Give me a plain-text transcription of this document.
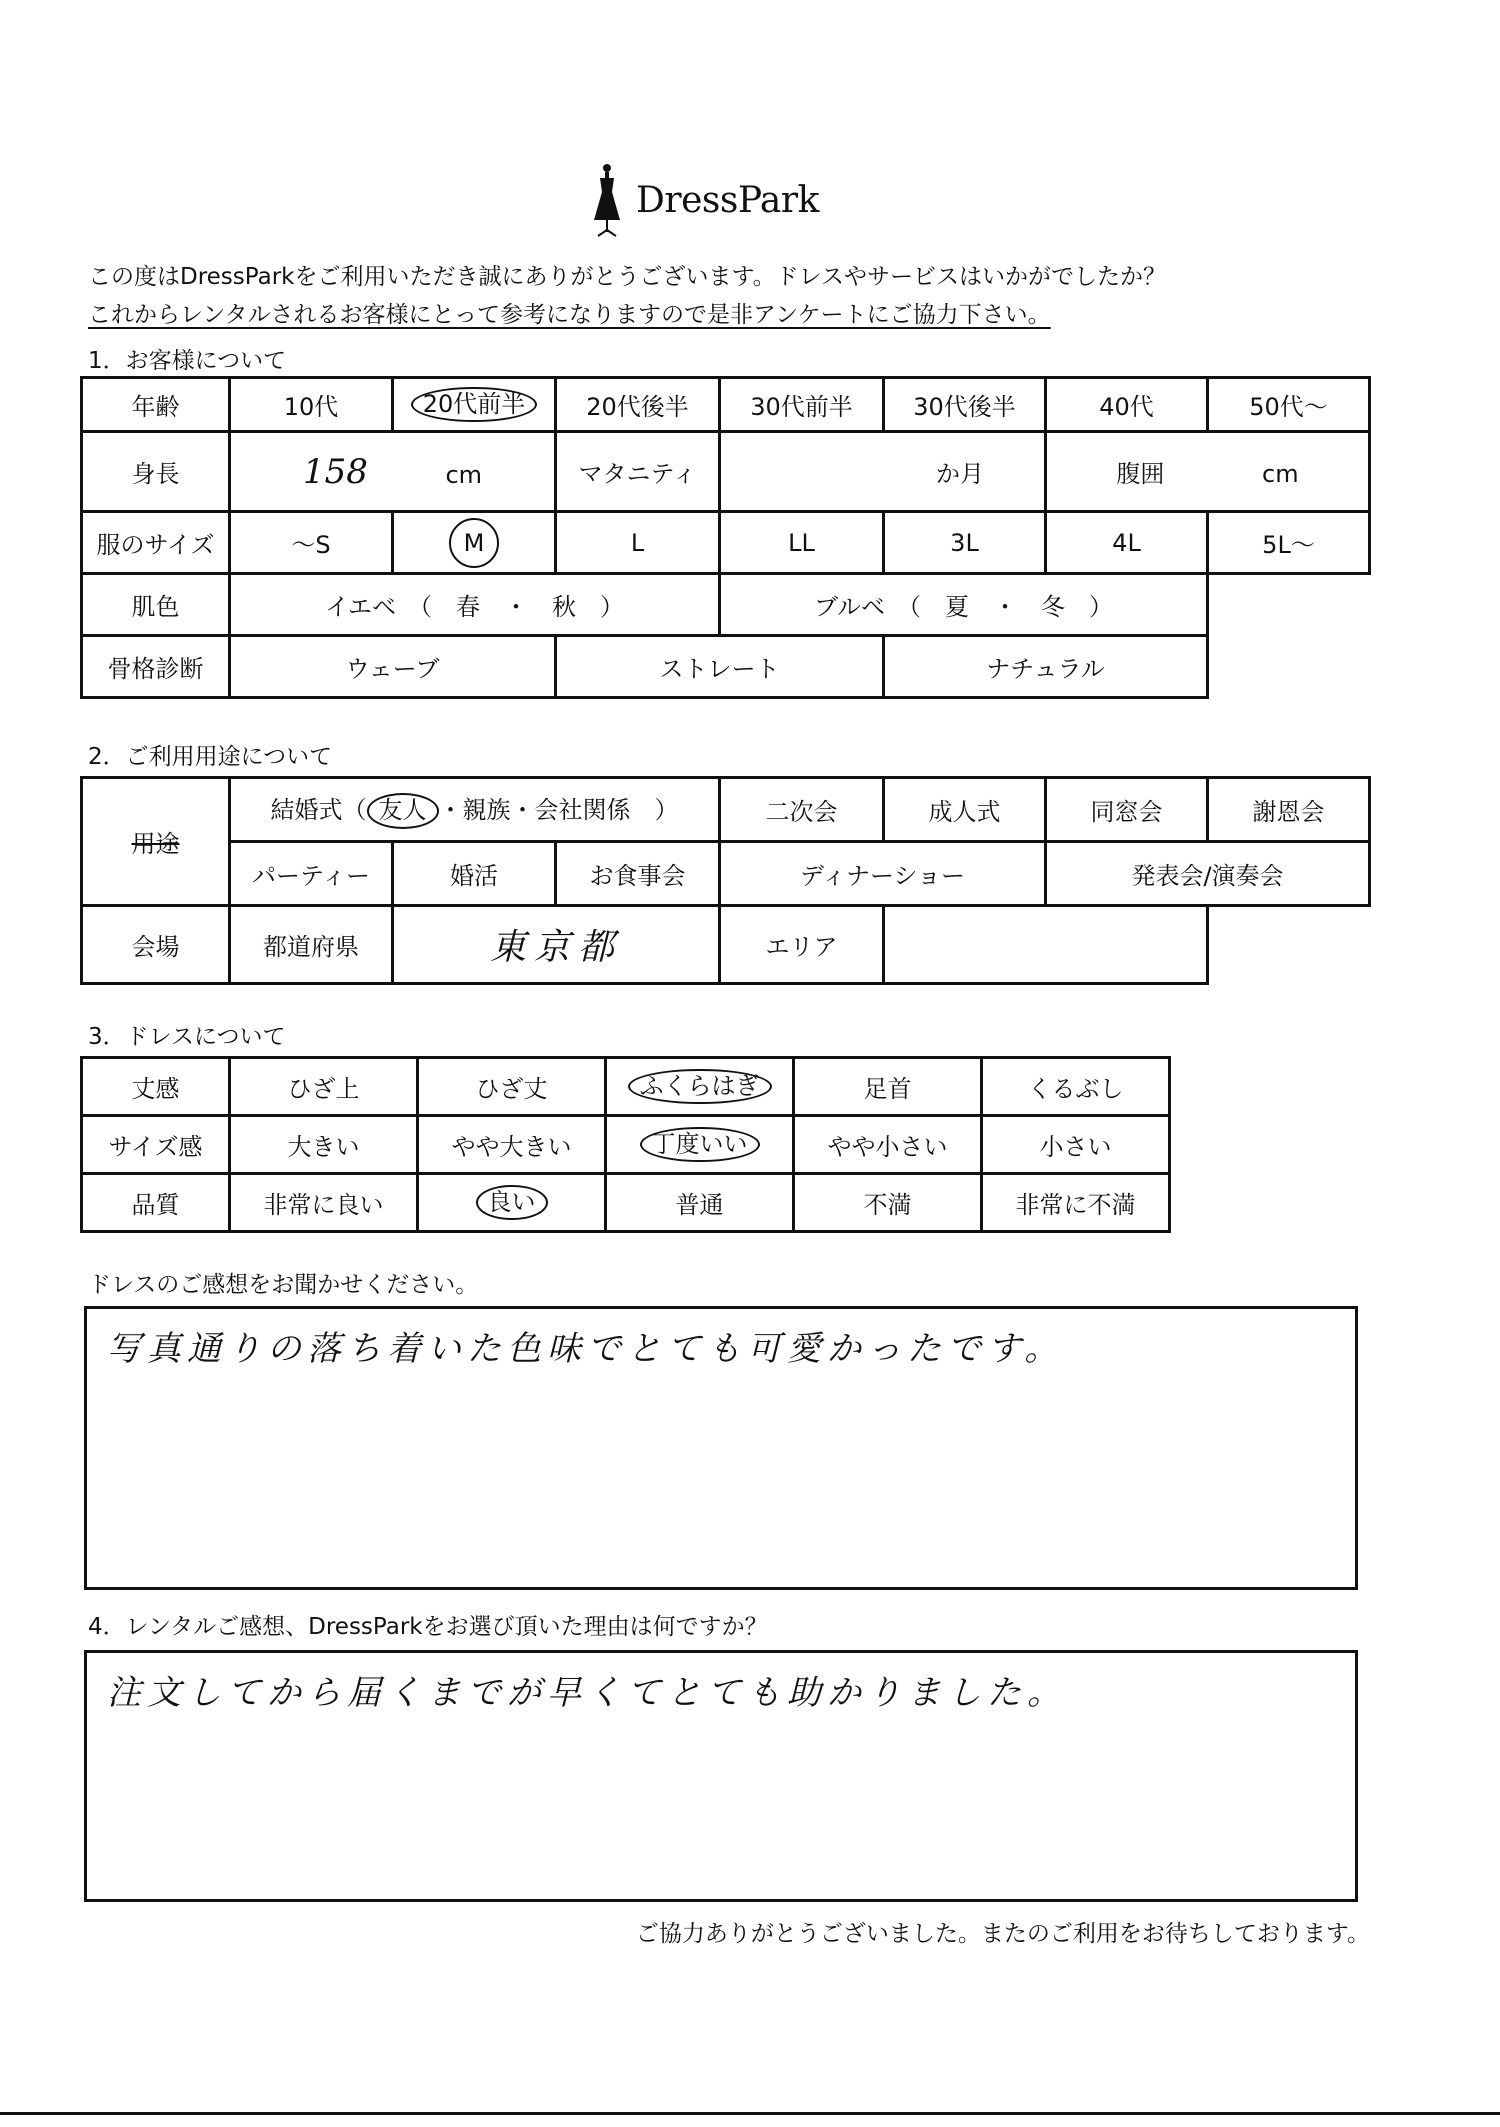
DressPark
この度はDressParkをご利用いただき誠にありがとうございます。ドレスやサービスはいかがでしたか？
これからレンタルされるお客様にとって参考になりますので是非アンケートにご協力下さい。
1．お客様について
年齢	10代	20代前半	20代後半	30代前半	30代後半	40代	50代〜
身長	158 cm		マタニティ	か月		腹囲 cm	
服のサイズ	〜S	M	L	LL	3L	4L	5L〜
肌色	イエベ　（　春　・　秋　）			ブルベ　（　夏　・　冬　）			
骨格診断	ウェーブ		ストレート		ナチュラル		
2．ご利用用途について
用途	結婚式（ 友人 ・親族・会社関係　）			二次会	成人式	同窓会	謝恩会
	パーティー	婚活	お食事会	ディナーショー		発表会/演奏会	
会場	都道府県	東京都		エリア			
3．ドレスについて
丈感	ひざ上	ひざ丈	ふくらはぎ	足首	くるぶし
サイズ感	大きい	やや大きい	丁度いい	やや小さい	小さい
品質	非常に良い	良い	普通	不満	非常に不満
ドレスのご感想をお聞かせください。
写真通りの落ち着いた色味でとても可愛かったです。
4．レンタルご感想、DressParkをお選び頂いた理由は何ですか？
注文してから届くまでが早くてとても助かりました。
ご協力ありがとうございました。またのご利用をお待ちしております。
